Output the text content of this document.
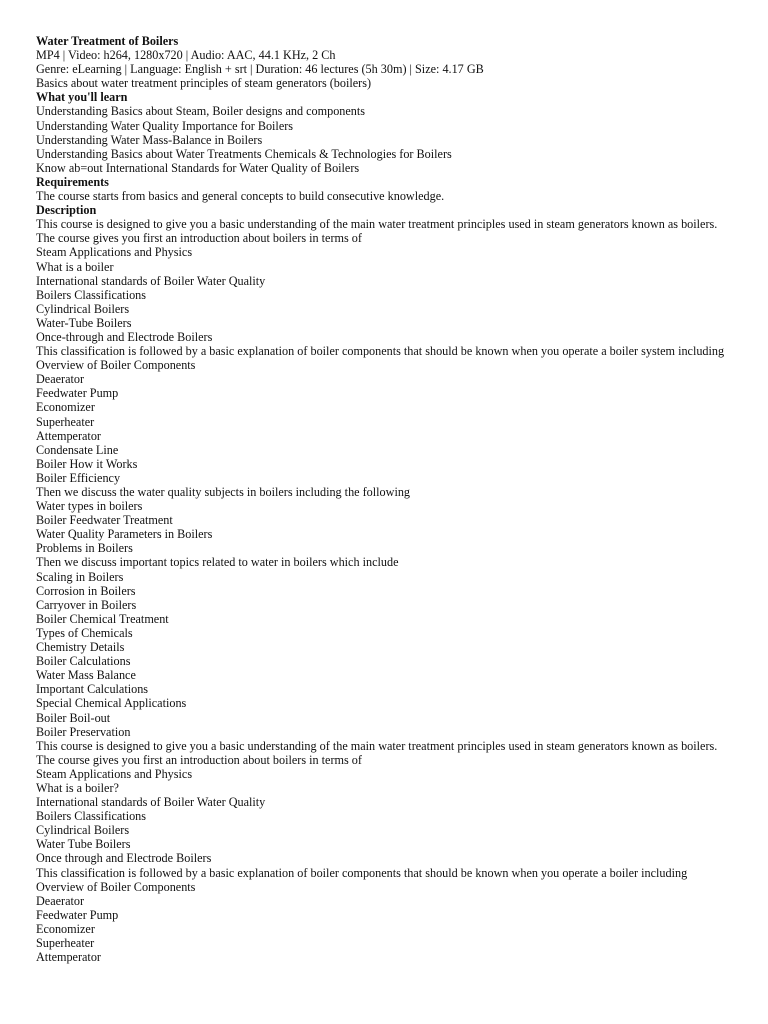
Water Treatment of Boilers
MP4 | Video: h264, 1280x720 | Audio: AAC, 44.1 KHz, 2 Ch
Genre: eLearning | Language: English + srt | Duration: 46 lectures (5h 30m) | Size: 4.17 GB
Basics about water treatment principles of steam generators (boilers)
What you'll learn
Understanding Basics about Steam, Boiler designs and components
Understanding Water Quality Importance for Boilers
Understanding Water Mass-Balance in Boilers
Understanding Basics about Water Treatments Chemicals & Technologies for Boilers
Know ab=out International Standards for Water Quality of Boilers
Requirements
The course starts from basics and general concepts to build consecutive knowledge.
Description
This course is designed to give you a basic understanding of the main water treatment principles used in steam generators known as boilers. The course gives you first an introduction about boilers in terms of
Steam Applications and Physics
What is a boiler
International standards of Boiler Water Quality
Boilers Classifications
Cylindrical Boilers
Water-Tube Boilers
Once-through and Electrode Boilers
This classification is followed by a basic explanation of boiler components that should be known when you operate a boiler system including
Overview of Boiler Components
Deaerator
Feedwater Pump
Economizer
Superheater
Attemperator
Condensate Line
Boiler How it Works
Boiler Efficiency
Then we discuss the water quality subjects in boilers including the following
Water types in boilers
Boiler Feedwater Treatment
Water Quality Parameters in Boilers
Problems in Boilers
Then we discuss important topics related to water in boilers which include
Scaling in Boilers
Corrosion in Boilers
Carryover in Boilers
Boiler Chemical Treatment
Types of Chemicals
Chemistry Details
Boiler Calculations
Water Mass Balance
Important Calculations
Special Chemical Applications
Boiler Boil-out
Boiler Preservation
This course is designed to give you a basic understanding of the main water treatment principles used in steam generators known as boilers. The course gives you first an introduction about boilers in terms of
Steam Applications and Physics
What is a boiler?
International standards of Boiler Water Quality
Boilers Classifications
Cylindrical Boilers
Water Tube Boilers
Once through and Electrode Boilers
This classification is followed by a basic explanation of boiler components that should be known when you operate a boiler including
Overview of Boiler Components
Deaerator
Feedwater Pump
Economizer
Superheater
Attemperator
